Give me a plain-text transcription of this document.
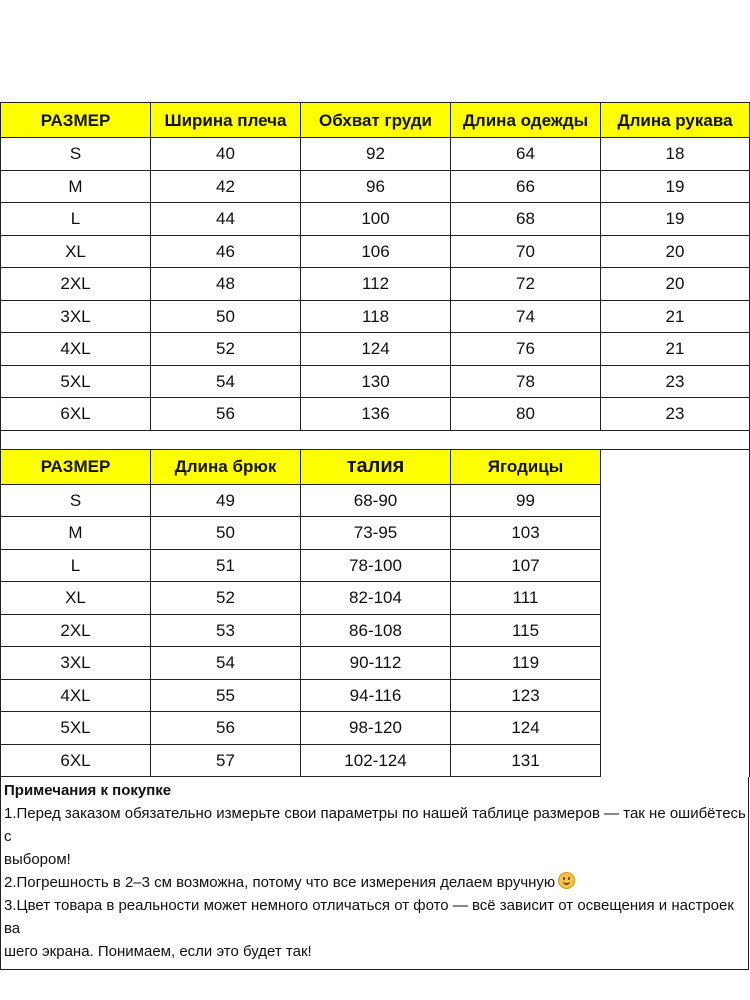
РАЗМЕР	Ширина плеча	Обхват груди	Длина одежды	Длина рукава
S	40	92	64	18
M	42	96	66	19
L	44	100	68	19
XL	46	106	70	20
2XL	48	112	72	20
3XL	50	118	74	21
4XL	52	124	76	21
5XL	54	130	78	23
6XL	56	136	80	23

РАЗМЕР	Длина брюк	талия	Ягодицы	
S	49	68-90	99	
M	50	73-95	103	
L	51	78-100	107	
XL	52	82-104	111	
2XL	53	86-108	115	
3XL	54	90-112	119	
4XL	55	94-116	123	
5XL	56	98-120	124	
6XL	57	102-124	131	
Примечания к покупке
1.Перед заказом обязательно измерьте свои параметры по нашей таблице размеров — так не ошибётесь с
выбором!
2.Погрешность в 2–3 см возможна, потому что все измерения делаем вручную
3.Цвет товара в реальности может немного отличаться от фото — всё зависит от освещения и настроек ва
шего экрана. Понимаем, если это будет так!
